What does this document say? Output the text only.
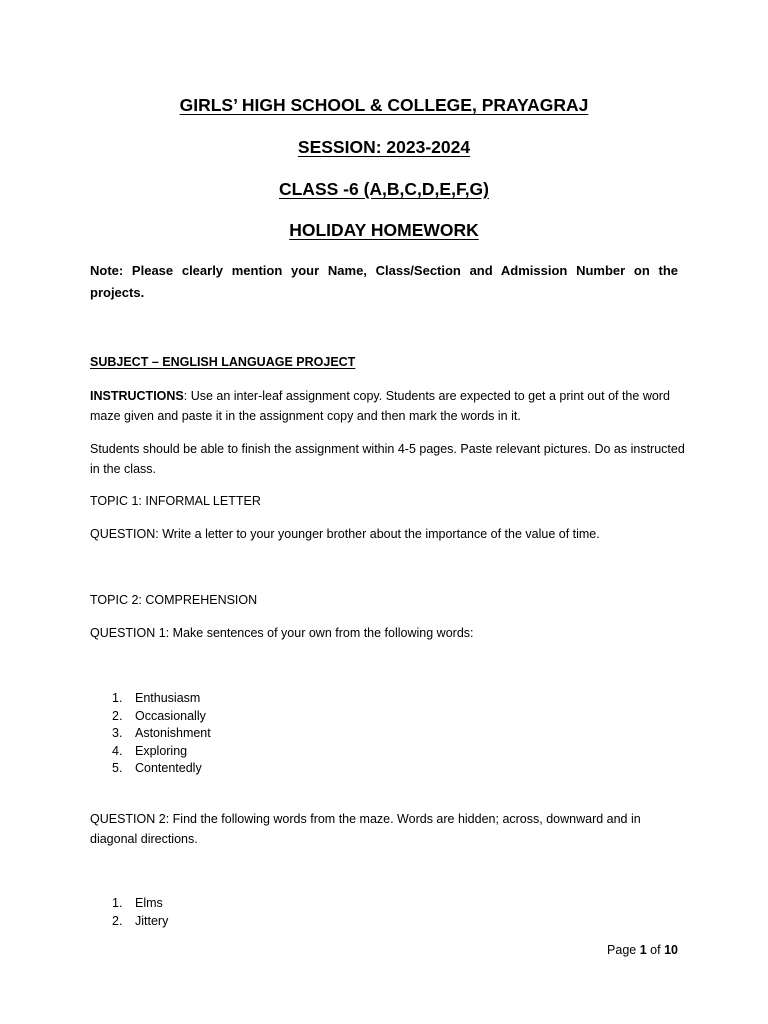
GIRLS’ HIGH SCHOOL & COLLEGE, PRAYAGRAJ
SESSION: 2023-2024
CLASS -6 (A,B,C,D,E,F,G)
HOLIDAY HOMEWORK
Note: Please clearly mention your Name, Class/Section and Admission Number on the projects.
SUBJECT – ENGLISH LANGUAGE PROJECT
INSTRUCTIONS: Use an inter-leaf assignment copy. Students are expected to get a print out of the word maze given and paste it in the assignment copy and then mark the words in it.
Students should be able to finish the assignment within 4-5 pages. Paste relevant pictures. Do as instructed in the class.
TOPIC 1: INFORMAL LETTER
QUESTION: Write a letter to your younger brother about the importance of the value of time.
TOPIC 2: COMPREHENSION
QUESTION 1: Make sentences of your own from the following words:
1. Enthusiasm
2. Occasionally
3. Astonishment
4. Exploring
5. Contentedly
QUESTION 2: Find the following words from the maze. Words are hidden; across, downward and in diagonal directions.
1. Elms
2. Jittery
Page 1 of 10
